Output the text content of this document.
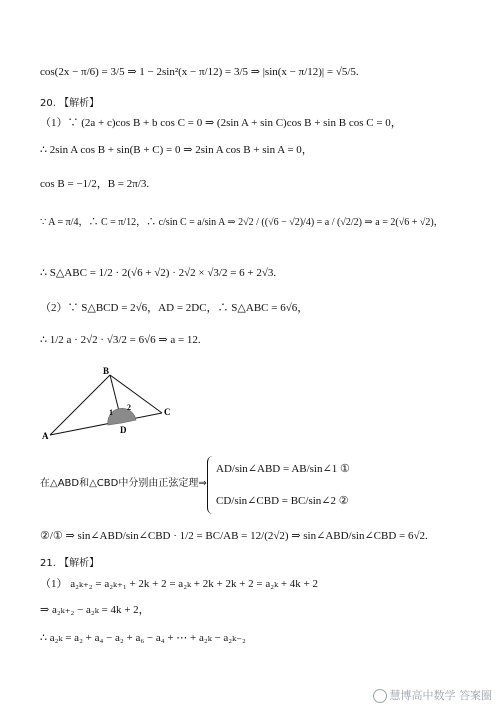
cos(2x − π/6) = 3/5 ⇒ 1 − 2sin²(x − π/12) = 3/5 ⇒ |sin(x − π/12)| = √5/5.
20. 【解析】
（1）∵ (2a + c)cos B + b cos C = 0 ⇒ (2sin A + sin C)cos B + sin B cos C = 0，
∴ 2sin A cos B + sin(B + C) = 0 ⇒ 2sin A cos B + sin A = 0，
cos B = −1/2，B = 2π/3.
∵ A = π/4，∴ C = π/12，∴ c/sin C = a/sin A ⇒ 2√2 / ((√6 − √2)/4) = a / (√2/2) ⇒ a = 2(√6 + √2)，
∴ S△ABC = 1/2 · 2(√6 + √2) · 2√2 × √3/2 = 6 + 2√3.
（2）∵ S△BCD = 2√6，AD = 2DC，∴ S△ABC = 6√6，
∴ 1/2 a · 2√2 · √3/2 = 6√6 ⇒ a = 12.
B
A
C
D
1
2
在△ABD和△CBD中分别由正弦定理⇒
AD/sin∠ABD = AB/sin∠1 ①
CD/sin∠CBD = BC/sin∠2 ②
②/① ⇒ sin∠ABD/sin∠CBD · 1/2 = BC/AB = 12/(2√2) ⇒ sin∠ABD/sin∠CBD = 6√2.
21. 【解析】
（1） a₂ₖ₊₂ = a₂ₖ₊₁ + 2k + 2 = a₂ₖ + 2k + 2k + 2 = a₂ₖ + 4k + 2
⇒ a₂ₖ₊₂ − a₂ₖ = 4k + 2，
∴ a₂ₖ = a₂ + a₄ − a₂ + a₆ − a₄ + ⋯ + a₂ₖ − a₂ₖ₋₂
慧博高中数学 答案圈
